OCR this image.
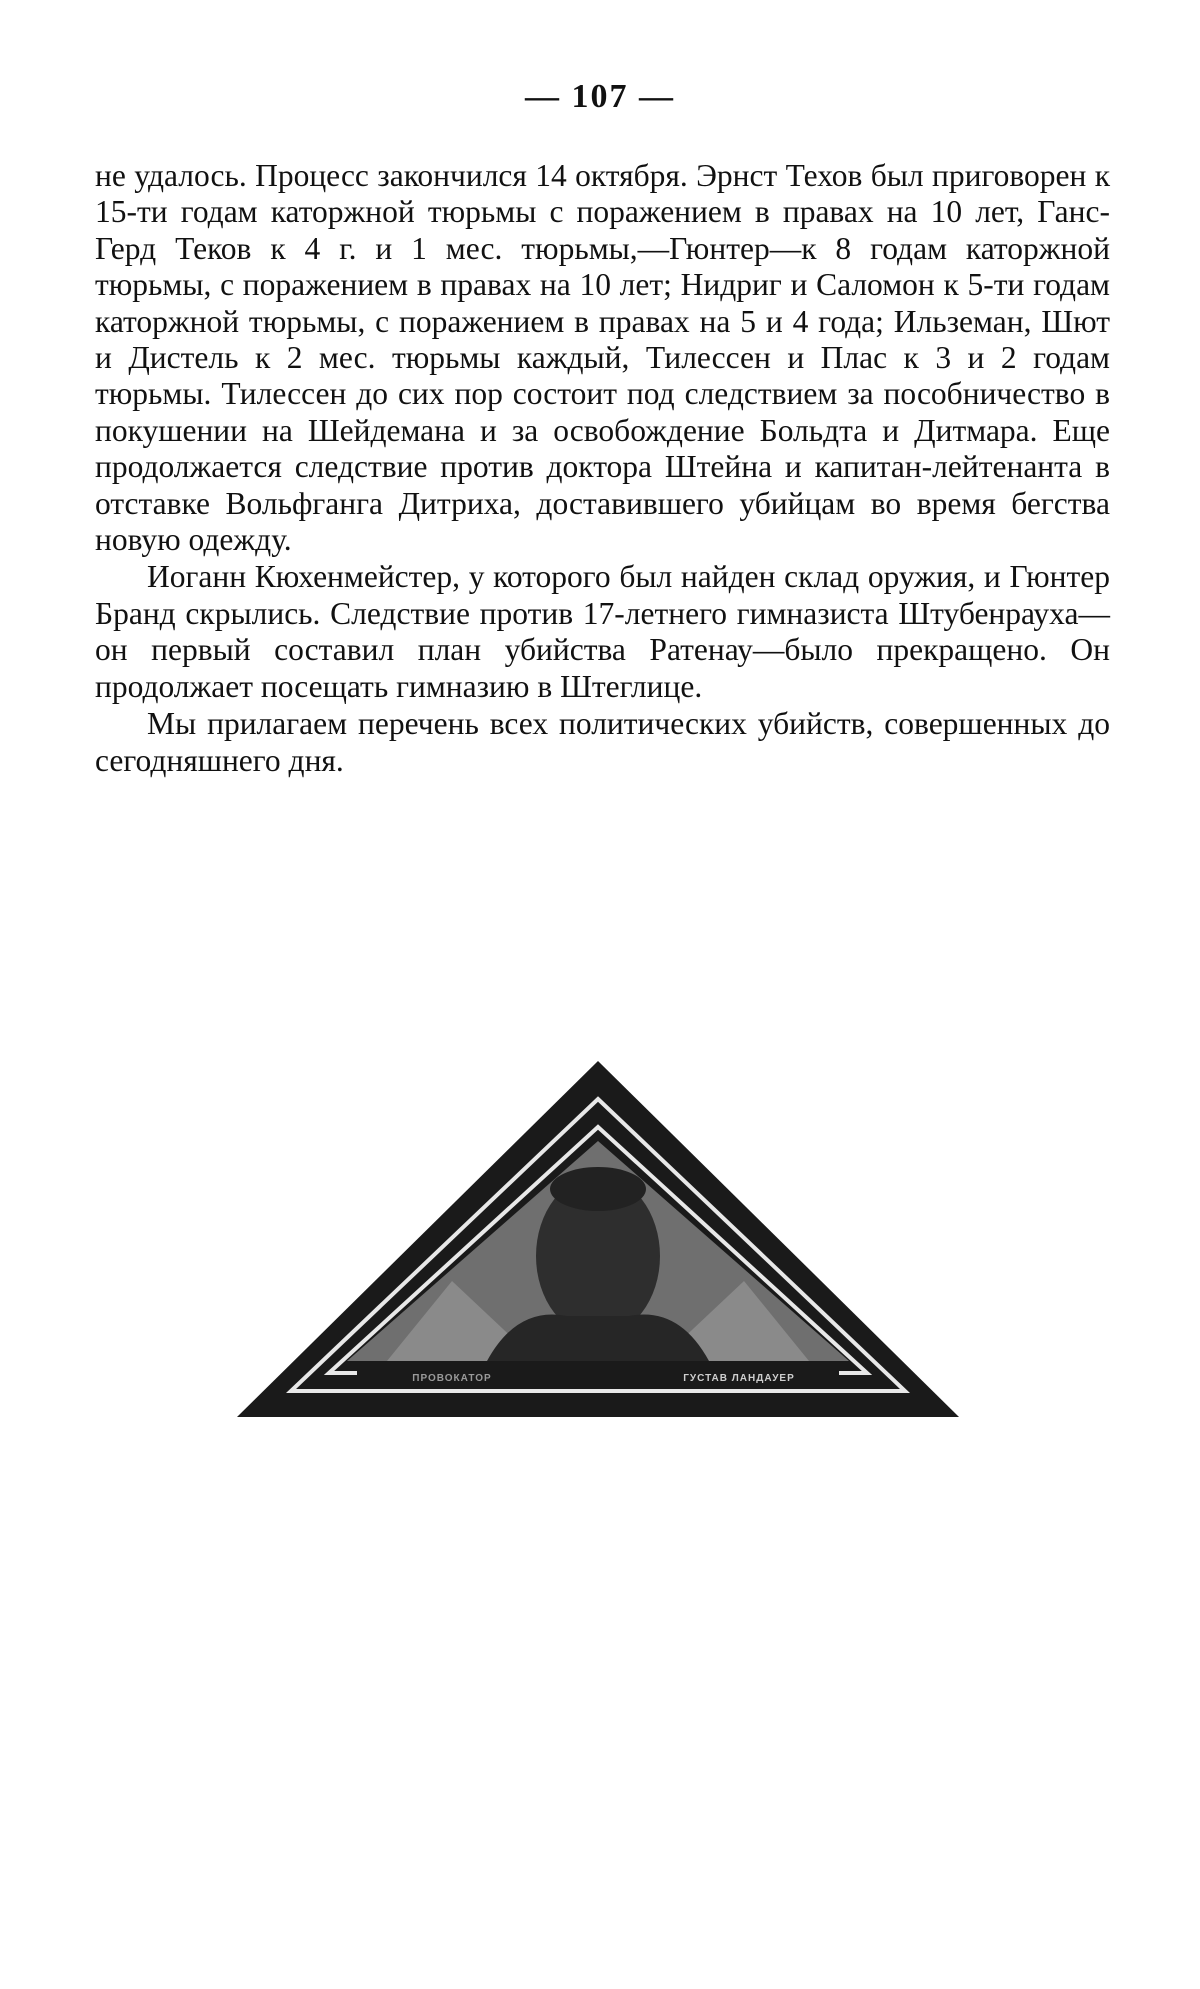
— 107 —

не удалось. Процесс закончился 14 октября. Эрнст Техов был приговорен к 15-ти годам каторжной тюрьмы с поражением в правах на 10 лет, Ганс-Герд Теков к 4 г. и 1 мес. тюрьмы,—Гюнтер—к 8 годам каторжной тюрьмы, с поражением в правах на 10 лет; Нидриг и Саломон к 5-ти годам каторжной тюрьмы, с поражением в правах на 5 и 4 года; Ильземан, Шют и Дистель к 2 мес. тюрьмы каждый, Тилессен и Плас к 3 и 2 годам тюрьмы. Тилессен до сих пор состоит под следствием за пособничество в покушении на Шейдемана и за освобождение Больдта и Дитмара. Еще продолжается следствие против доктора Штейна и капитан-лейтенанта в отставке Вольфганга Дитриха, доставившего убийцам во время бегства новую одежду.

Иоганн Кюхенмейстер, у которого был найден склад оружия, и Гюнтер Бранд скрылись. Следствие против 17-летнего гимназиста Штубенрауха—он первый составил план убийства Ратенау—было прекращено. Он продолжает посещать гимназию в Штеглице.

Мы прилагаем перечень всех политических убийств, совершенных до сегодняшнего дня.

ПРОВОКАТОР	ГУСТАВ ЛАНДАУЕР
